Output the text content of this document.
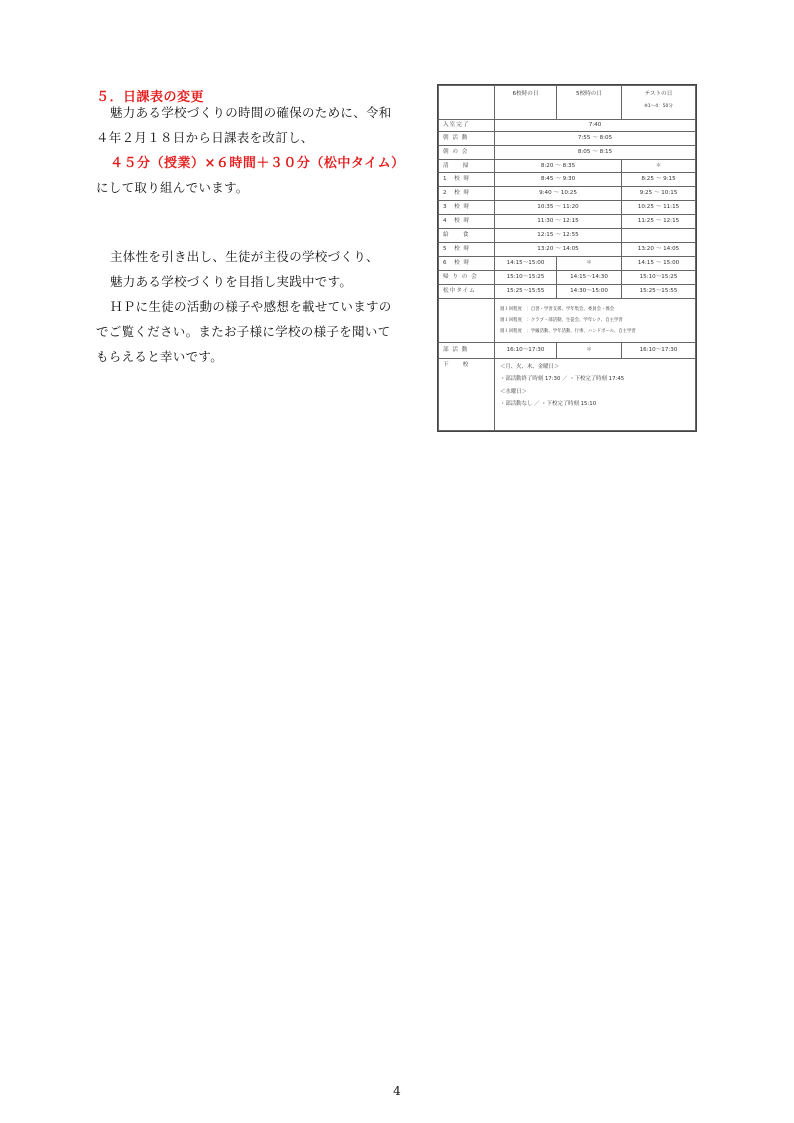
５．日課表の変更

魅力ある学校づくりの時間の確保のために、令和
４年２月１８日から日課表を改訂し、

４５分（授業）×６時間＋３０分（松中タイム）

にして取り組んでいます。

主体性を引き出し、生徒が主役の学校づくり、
魅力ある学校づくりを目指し実践中です。
ＨＰに生徒の活動の様子や感想を載せていますの
でご覧ください。またお子様に学校の様子を聞いて
もらえると幸いです。

	6校時の日	5校時の日	テストの日
※1～4：50分

入室完了	7:40		
朝 活 動	7:55 ～ 8:05		
朝 の 会	8:05 ～ 8:15		
清　　掃	8:20 ～ 8:35		＊
1　校 時	8:45 ～ 9:30		8:25 ～ 9:15
2　校 時	9:40 ～ 10:25		9:25 ～ 10:15
3　校 時	10:35 ～ 11:20		10:25 ～ 11:15
4　校 時	11:30 ～ 12:15		11:25 ～ 12:15
給　　食	12:15 ～ 12:55		
5　校 時	13:20 ～ 14:05		13:20 ～ 14:05
6　校 時	14:15～15:00	＊	14:15 ～ 15:00
帰 り の 会	15:10～15:25	14:15～14:30	15:10～15:25
松中タイム	15:25～15:55	14:30～15:00	15:25～15:55

	週１回程度　：自習・学習支援、学年集会、委員会・係会
週１回程度　：クラブ・部活動、生徒会、学年レク、自主学習
週１回程度　：学級活動、学年活動、行事、ハンドボール、自主学習		

部 活 動	16:10～17:30	＊	16:10～17:30
下　　校	＜月、火、木、金曜日＞
・部活動終了時刻 17:30 ／ ・下校完了時刻 17:45
＜水曜日＞
・部活動なし ／ ・下校完了時刻 15:10		

4
